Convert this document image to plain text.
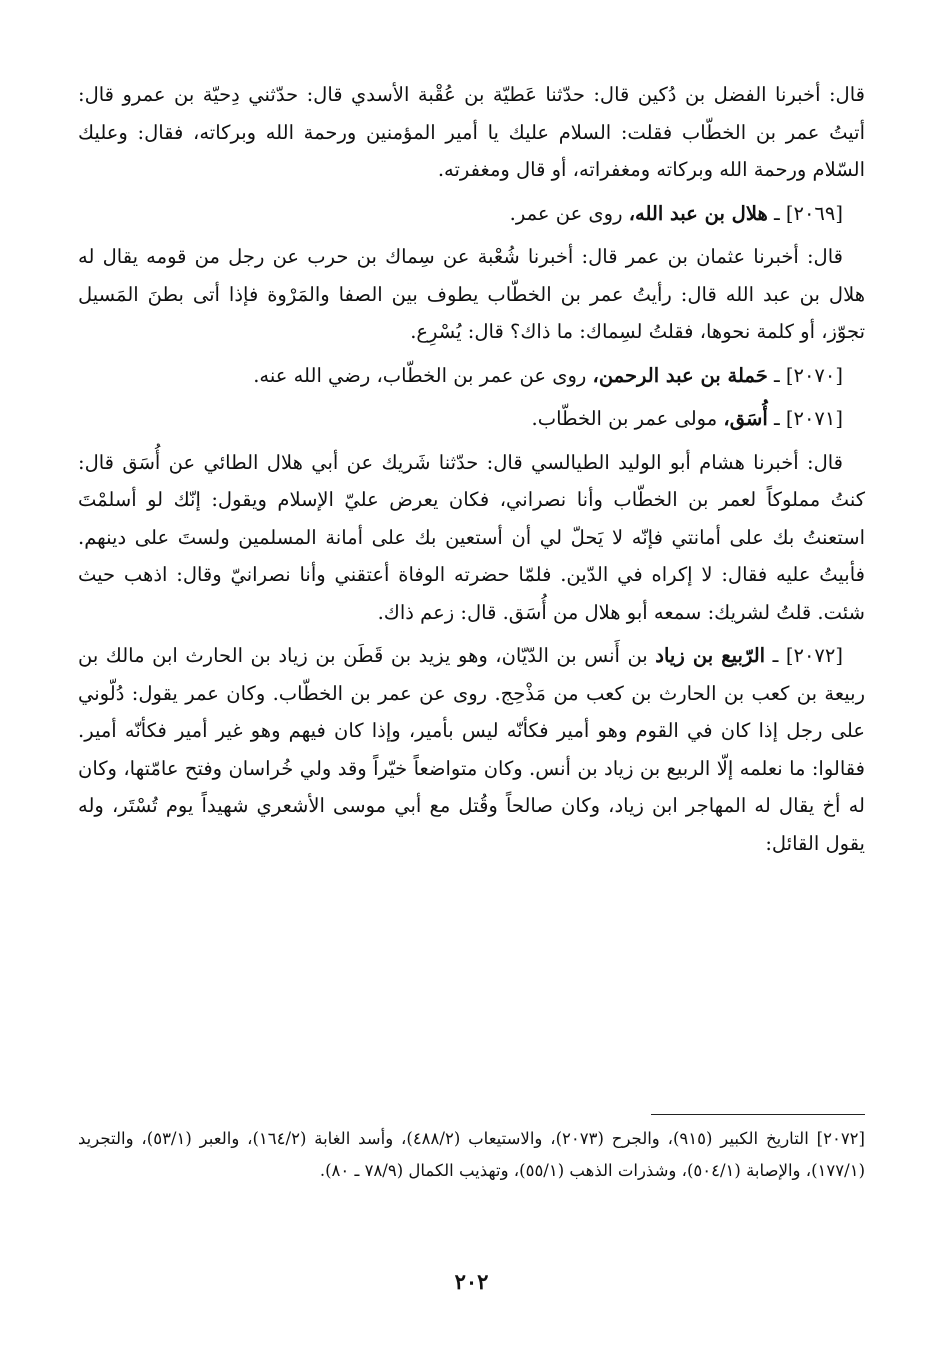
قال: أخبرنا الفضل بن دُكين قال: حدّثنا عَطيّة بن عُقْبة الأسدي قال: حدّثني دِحيّة بن عمرو قال: أتيتُ عمر بن الخطّاب فقلت: السلام عليك يا أمير المؤمنين ورحمة الله وبركاته، فقال: وعليك السّلام ورحمة الله وبركاته ومغفراته، أو قال ومغفرته.

[٢٠٦٩] ـ هلال بن عبد الله، روى عن عمر.

قال: أخبرنا عثمان بن عمر قال: أخبرنا شُعْبة عن سِماك بن حرب عن رجل من قومه يقال له هلال بن عبد الله قال: رأيتُ عمر بن الخطّاب يطوف بين الصفا والمَرْوة فإذا أتى بطنَ المَسيل تجوّز، أو كلمة نحوها، فقلتُ لسِماك: ما ذاك؟ قال: يُسْرِع.

[٢٠٧٠] ـ حَملة بن عبد الرحمن، روى عن عمر بن الخطّاب، رضي الله عنه.

[٢٠٧١] ـ أُسَق، مولى عمر بن الخطّاب.

قال: أخبرنا هشام أبو الوليد الطيالسي قال: حدّثنا شَريك عن أبي هلال الطائي عن أُسَق قال: كنتُ مملوكاً لعمر بن الخطّاب وأنا نصراني، فكان يعرض عليّ الإسلام ويقول: إنّك لو أسلمْتَ استعنتُ بك على أمانتي فإنّه لا يَحلّ لي أن أستعين بك على أمانة المسلمين ولستَ على دينهم. فأبيتُ عليه فقال: لا إكراه في الدّين. فلمّا حضرته الوفاة أعتقني وأنا نصرانيّ وقال: اذهب حيث شئت. قلتُ لشريك: سمعه أبو هلال من أُسَق. قال: زعم ذاك.

[٢٠٧٢] ـ الرّبيع بن زياد بن أَنس بن الدّيّان، وهو يزيد بن قَطَن بن زياد بن الحارث ابن مالك بن ربيعة بن كعب بن الحارث بن كعب من مَذْحِج. روى عن عمر بن الخطّاب. وكان عمر يقول: دُلّوني على رجل إذا كان في القوم وهو أمير فكأنّه ليس بأمير، وإذا كان فيهم وهو غير أمير فكأنّه أمير. فقالوا: ما نعلمه إلّا الربيع بن زياد بن أنس. وكان متواضعاً خيّراً وقد ولي خُراسان وفتح عامّتها، وكان له أخ يقال له المهاجر ابن زياد، وكان صالحاً وقُتل مع أبي موسى الأشعري شهيداً يوم تُسْتَر، وله يقول القائل:

[٢٠٧٢] التاريخ الكبير (٩١٥)، والجرح (٢٠٧٣)، والاستيعاب (٤٨٨/٢)، وأسد الغابة (١٦٤/٢)، والعبر (٥٣/١)، والتجريد (١٧٧/١)، والإصابة (٥٠٤/١)، وشذرات الذهب (٥٥/١)، وتهذيب الكمال (٧٨/٩ ـ ٨٠).

٢٠٢
